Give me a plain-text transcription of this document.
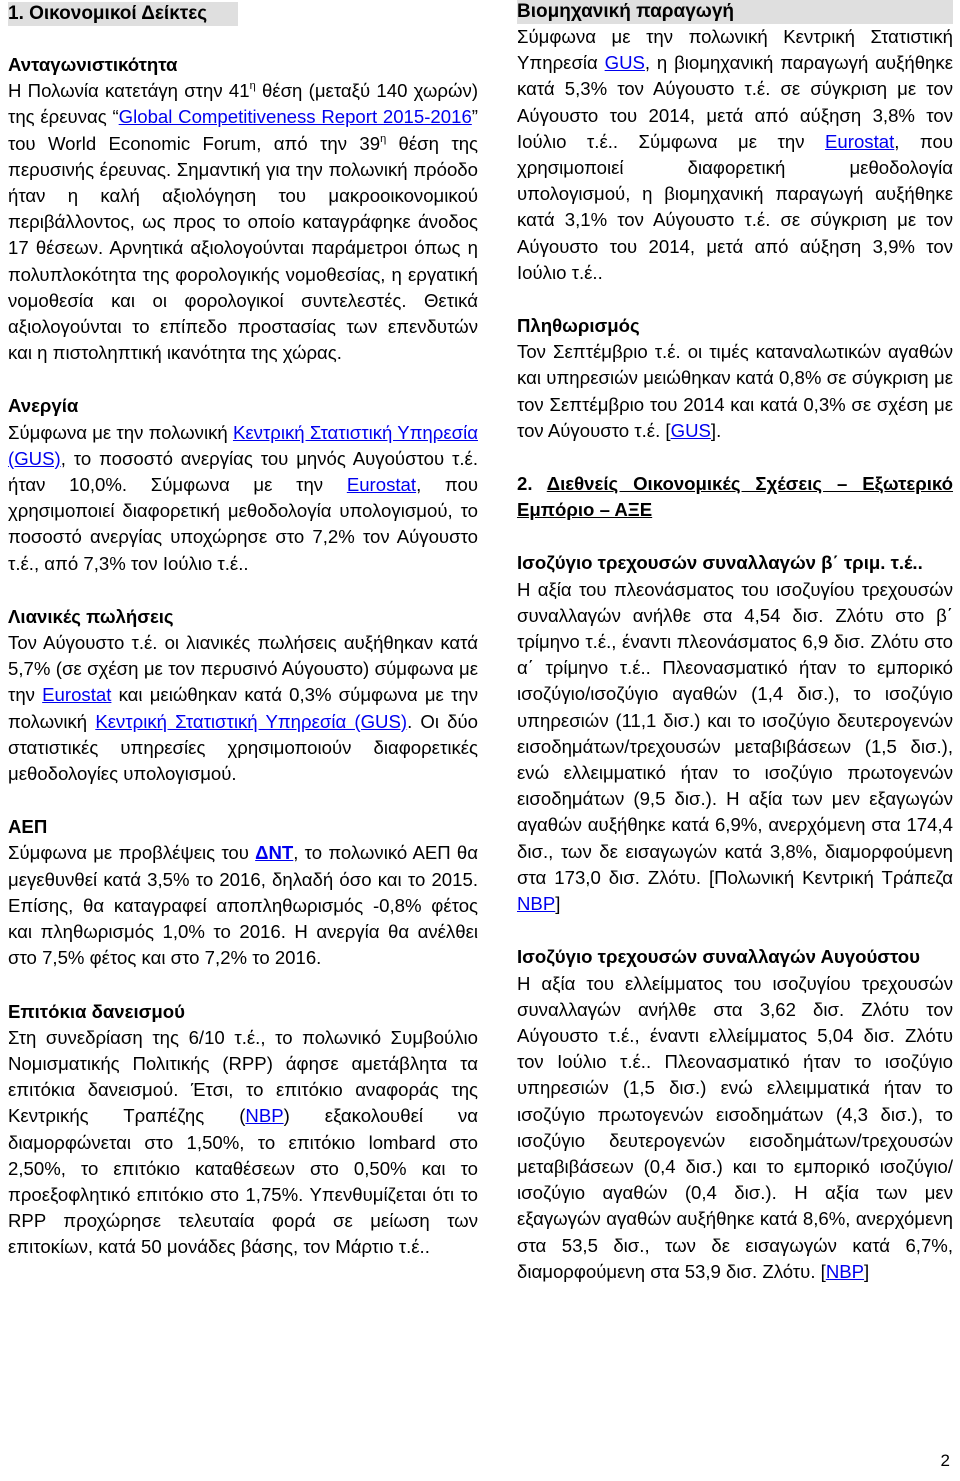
1. Οικονομικοί Δείκτες
Ανταγωνιστικότητα

Η Πολωνία κατετάγη στην $41^\eta$ θέση (μεταξύ 140 χωρών) της έρευνας “Global Competitiveness Report 2015-2016” του World Economic Forum, από την $39^\eta$ θέση της περυσινής έρευνας. Σημαντική για την πολωνική πρόοδο ήταν η καλή αξιολόγηση του μακροοικονομικού περιβάλλοντος, ως προς το οποίο καταγράφηκε άνοδος 17 θέσεων. Αρνητικά αξιολογούνται παράμετροι όπως η πολυπλοκότητα της φορολογικής νομοθεσίας, η εργατική νομοθεσία και οι φορολογικοί συντελεστές. Θετικά αξιολογούνται το επίπεδο προστασίας των επενδυτών και η πιστοληπτική ικανότητα της χώρας.

Ανεργία

Σύμφωνα με την πολωνική Κεντρική Στατιστική Υπηρεσία (GUS), το ποσοστό ανεργίας του μηνός Αυγούστου τ.έ. ήταν 10,0%. Σύμφωνα με την Eurostat, που χρησιμοποιεί διαφορετική μεθοδολογία υπολογισμού, το ποσοστό ανεργίας υποχώρησε στο 7,2% τον Αύγουστο τ.έ., από 7,3% τον Ιούλιο τ.έ..

Λιανικές πωλήσεις

Τον Αύγουστο τ.έ. οι λιανικές πωλήσεις αυξήθηκαν κατά 5,7% (σε σχέση με τον περυσινό Αύγουστο) σύμφωνα με την Eurostat και μειώθηκαν κατά 0,3% σύμφωνα με την πολωνική Κεντρική Στατιστική Υπηρεσία (GUS). Οι δύο στατιστικές υπηρεσίες χρησιμοποιούν διαφορετικές μεθοδολογίες υπολογισμού.

ΑΕΠ

Σύμφωνα με προβλέψεις του ΔΝΤ, το πολωνικό ΑΕΠ θα μεγεθυνθεί κατά 3,5% το 2016, δηλαδή όσο και το 2015. Επίσης, θα καταγραφεί αποπληθωρισμός -0,8% φέτος και πληθωρισμός 1,0% το 2016. Η ανεργία θα ανέλθει στο 7,5% φέτος και στο 7,2% το 2016.

Επιτόκια δανεισμού

Στη συνεδρίαση της 6/10 τ.έ., το πολωνικό Συμβούλιο Νομισματικής Πολιτικής (RPP) άφησε αμετάβλητα τα επιτόκια δανεισμού. Έτσι, το επιτόκιο αναφοράς της Κεντρικής Τραπέζης (NBP) εξακολουθεί να διαμορφώνεται στο 1,50%, το επιτόκιο lombard στο 2,50%, το επιτόκιο καταθέσεων στο 0,50% και το προεξοφλητικό επιτόκιο στο 1,75%. Υπενθυμίζεται ότι το RPP προχώρησε τελευταία φορά σε μείωση των επιτοκίων, κατά 50 μονάδες βάσης, τον Μάρτιο τ.έ..

Βιομηχανική παραγωγή

Σύμφωνα με την πολωνική Κεντρική Στατιστική Υπηρεσία GUS, η βιομηχανική παραγωγή αυξήθηκε κατά 5,3% τον Αύγουστο τ.έ. σε σύγκριση με τον Αύγουστο του 2014, μετά από αύξηση 3,8% τον Ιούλιο τ.έ.. Σύμφωνα με την Eurostat, που χρησιμοποιεί διαφορετική μεθοδολογία υπολογισμού, η βιομηχανική παραγωγή αυξήθηκε κατά 3,1% τον Αύγουστο τ.έ. σε σύγκριση με τον Αύγουστο του 2014, μετά από αύξηση 3,9% τον Ιούλιο τ.έ..

Πληθωρισμός

Τον Σεπτέμβριο τ.έ. οι τιμές καταναλωτικών αγαθών και υπηρεσιών μειώθηκαν κατά 0,8% σε σύγκριση με τον Σεπτέμβριο του 2014 και κατά 0,3% σε σχέση με τον Αύγουστο τ.έ. [GUS].

2. Διεθνείς Οικονομικές Σχέσεις – Εξωτερικό Εμπόριο – ΑΞΕ

Ισοζύγιο τρεχουσών συναλλαγών β΄ τριμ. τ.έ..

Η αξία του πλεονάσματος του ισοζυγίου τρεχουσών συναλλαγών ανήλθε στα 4,54 δισ. Ζλότυ στο β΄ τρίμηνο τ.έ., έναντι πλεονάσματος 6,9 δισ. Ζλότυ στο α΄ τρίμηνο τ.έ.. Πλεονασματικό ήταν το εμπορικό ισοζύγιο/ισοζύγιο αγαθών (1,4 δισ.), το ισοζύγιο υπηρεσιών (11,1 δισ.) και το ισοζύγιο δευτερογενών εισοδημάτων/τρεχουσών μεταβιβάσεων (1,5 δισ.), ενώ ελλειμματικό ήταν το ισοζύγιο πρωτογενών εισοδημάτων (9,5 δισ.). Η αξία των μεν εξαγωγών αγαθών αυξήθηκε κατά 6,9%, ανερχόμενη στα 174,4 δισ., των δε εισαγωγών κατά 3,8%, διαμορφούμενη στα 173,0 δισ. Ζλότυ. [Πολωνική Κεντρική Τράπεζα NBP]

Ισοζύγιο τρεχουσών συναλλαγών Αυγούστου

Η αξία του ελλείμματος του ισοζυγίου τρεχουσών συναλλαγών ανήλθε στα 3,62 δισ. Ζλότυ τον Αύγουστο τ.έ., έναντι ελλείμματος 5,04 δισ. Ζλότυ τον Ιούλιο τ.έ.. Πλεονασματικό ήταν το ισοζύγιο υπηρεσιών (1,5 δισ.) ενώ ελλειμματικά ήταν το ισοζύγιο πρωτογενών εισοδημάτων (4,3 δισ.), το ισοζύγιο δευτερογενών εισοδημάτων/τρεχουσών μεταβιβάσεων (0,4 δισ.) και το εμπορικό ισοζύγιο/ισοζύγιο αγαθών (0,4 δισ.). Η αξία των μεν εξαγωγών αγαθών αυξήθηκε κατά 8,6%, ανερχόμενη στα 53,5 δισ., των δε εισαγωγών κατά 6,7%, διαμορφούμενη στα 53,9 δισ. Ζλότυ. [NBP]

2
